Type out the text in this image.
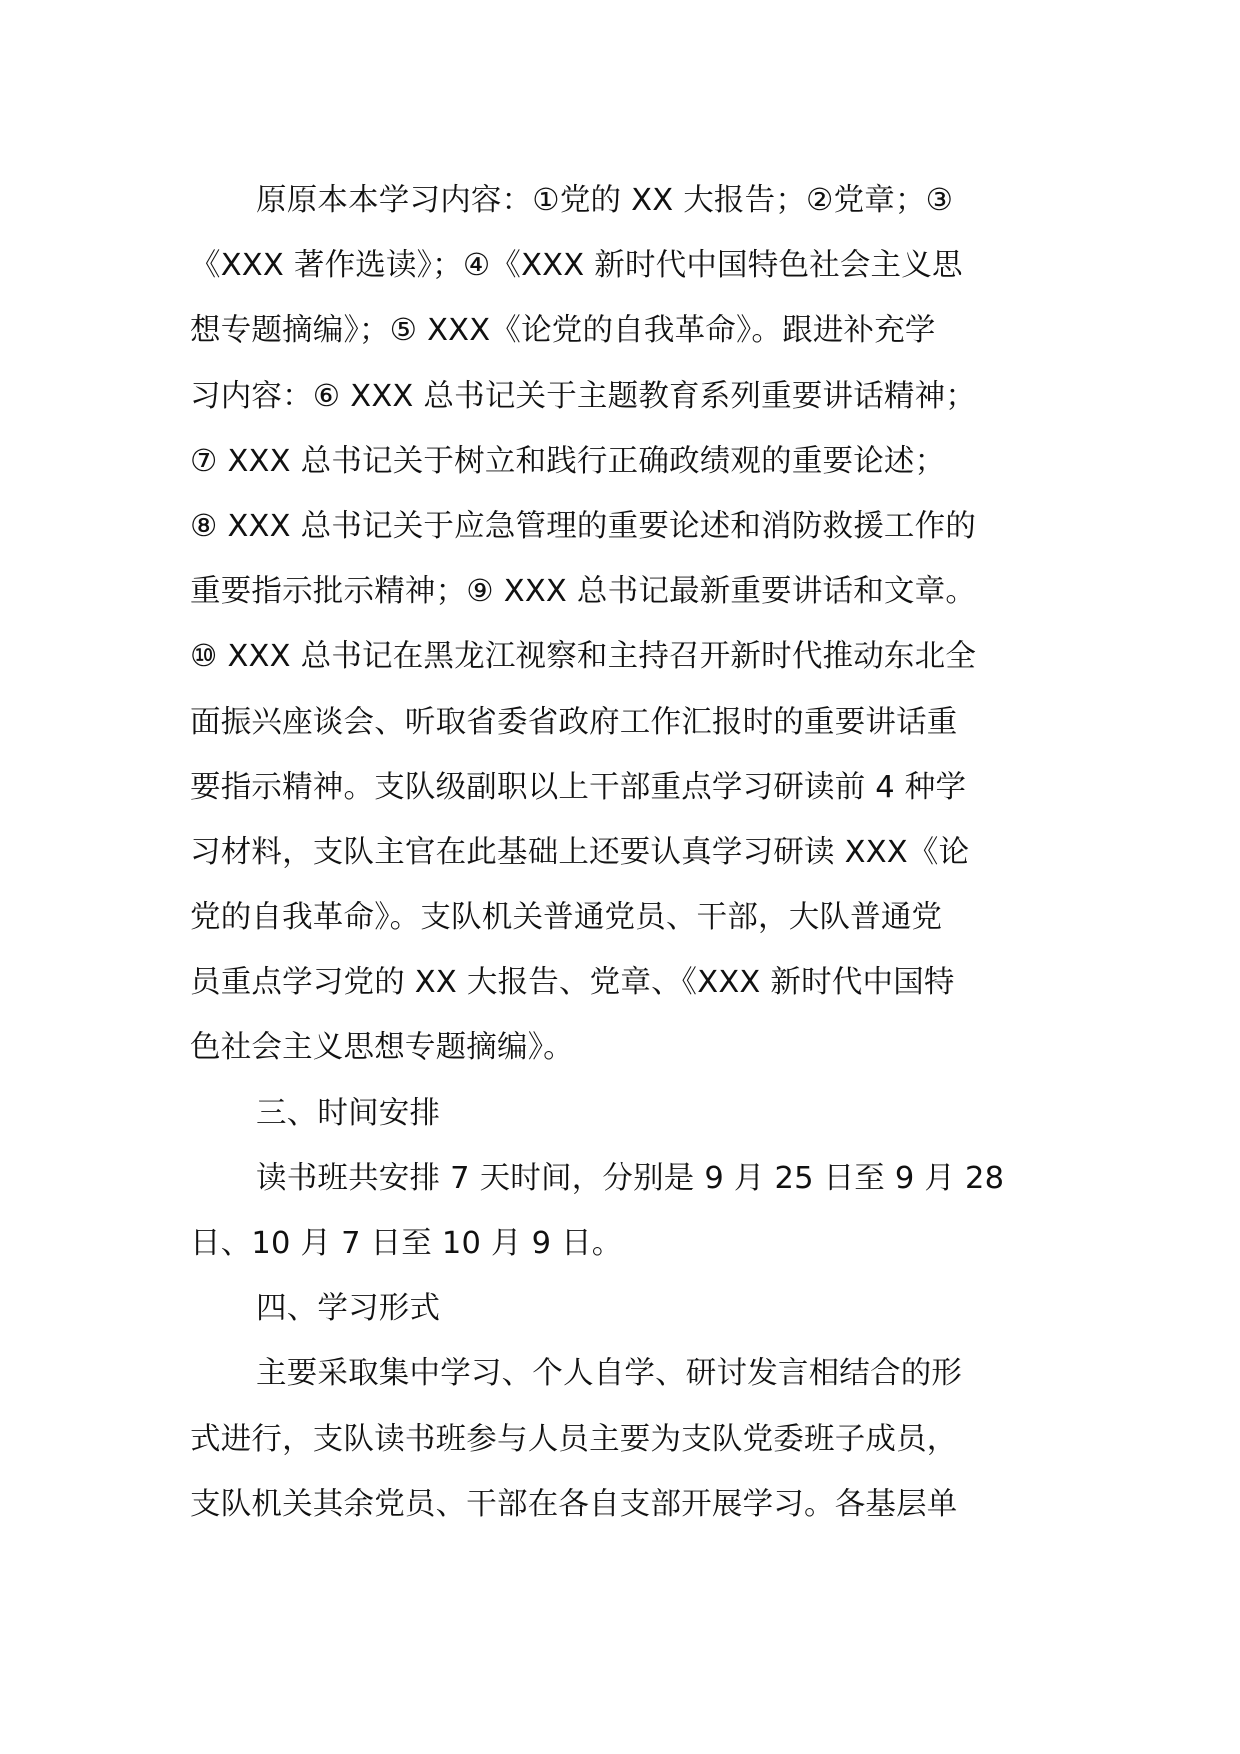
原原本本学习内容：①党的 XX 大报告；②党章；③
《XXX 著作选读》；④《XXX 新时代中国特色社会主义思
想专题摘编》；⑤ XXX《论党的自我革命》。跟进补充学
习内容：⑥ XXX 总书记关于主题教育系列重要讲话精神；
⑦ XXX 总书记关于树立和践行正确政绩观的重要论述；
⑧ XXX 总书记关于应急管理的重要论述和消防救援工作的
重要指示批示精神；⑨ XXX 总书记最新重要讲话和文章。
⑩ XXX 总书记在黑龙江视察和主持召开新时代推动东北全
面振兴座谈会、听取省委省政府工作汇报时的重要讲话重
要指示精神。支队级副职以上干部重点学习研读前 4 种学
习材料，支队主官在此基础上还要认真学习研读 XXX《论
党的自我革命》。支队机关普通党员、干部，大队普通党
员重点学习党的 XX 大报告、党章、《XXX 新时代中国特
色社会主义思想专题摘编》。
三、时间安排
读书班共安排 7 天时间，分别是 9 月 25 日至 9 月 28
日、10 月 7 日至 10 月 9 日。
四、学习形式
主要采取集中学习、个人自学、研讨发言相结合的形
式进行，支队读书班参与人员主要为支队党委班子成员，
支队机关其余党员、干部在各自支部开展学习。各基层单
